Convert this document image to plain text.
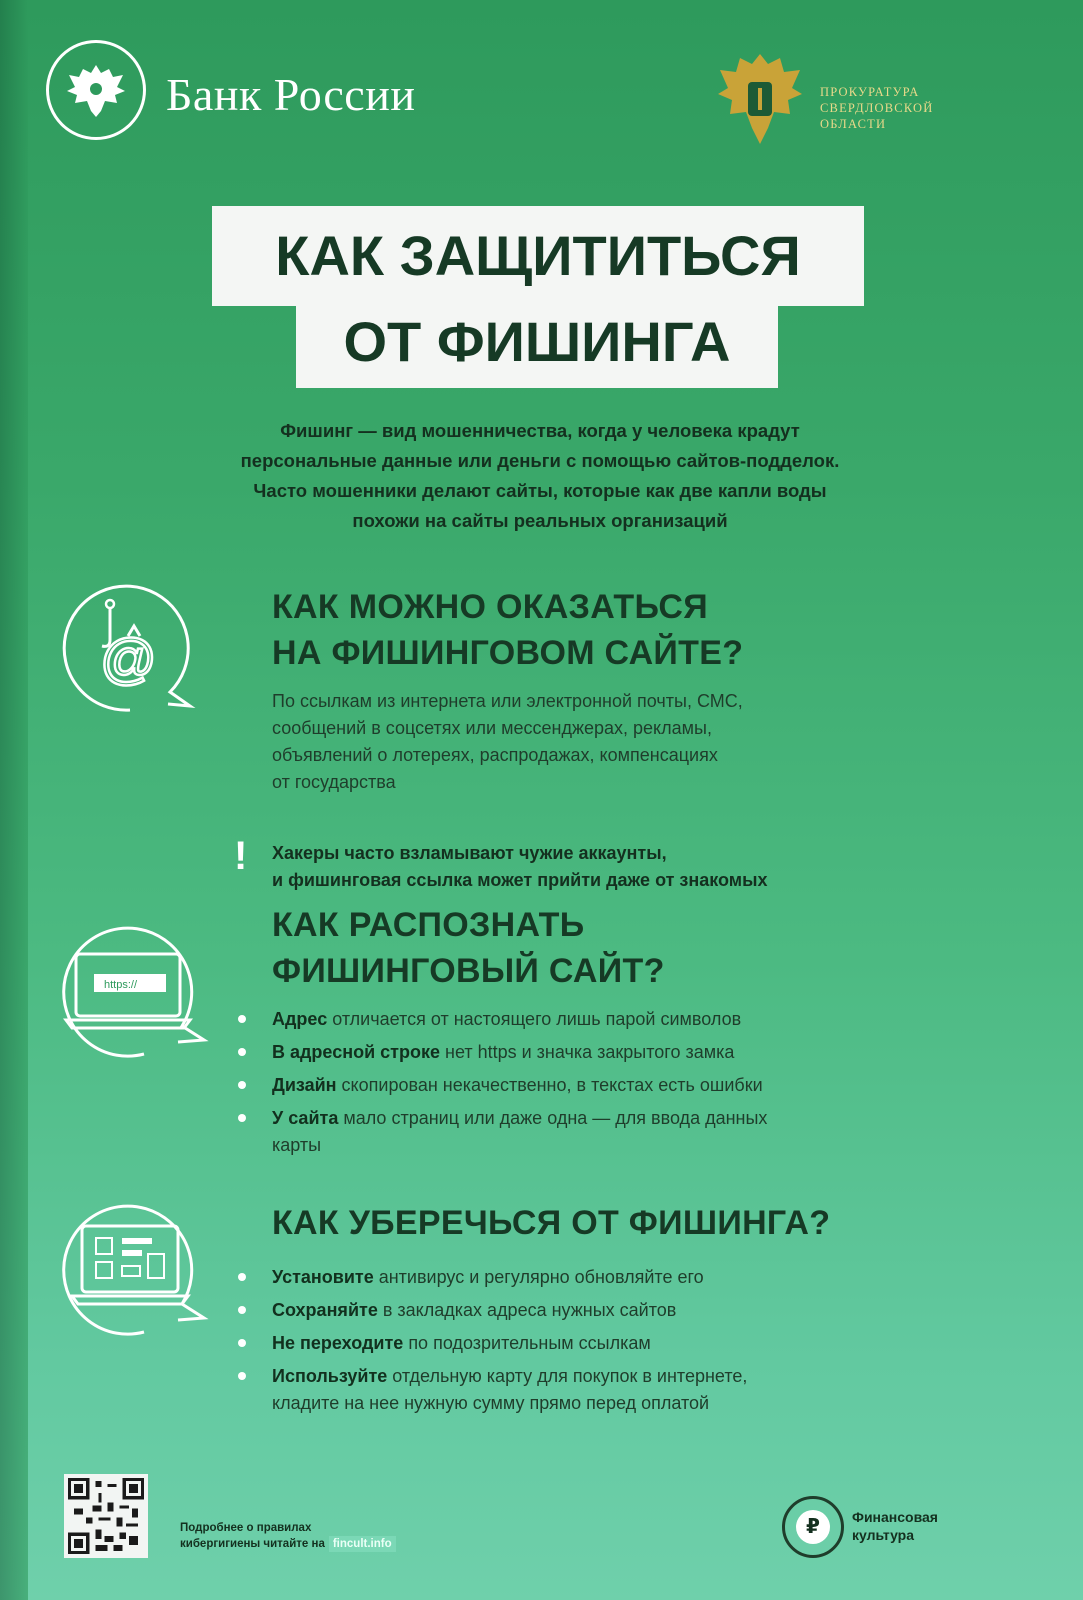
Банк России	ПРОКУРАТУРА
СВЕРДЛОВСКОЙ
ОБЛАСТИ
КАК ЗАЩИТИТЬСЯ
ОТ ФИШИНГА
Фишинг — вид мошенничества, когда у человека крадут
персональные данные или деньги с помощью сайтов-подделок.
Часто мошенники делают сайты, которые как две капли воды
похожи на сайты реальных организаций
@
КАК МОЖНО ОКАЗАТЬСЯ
НА ФИШИНГОВОМ САЙТЕ?
По ссылкам из интернета или электронной почты, СМС,
сообщений в соцсетях или мессенджерах, рекламы,
объявлений о лотереях, распродажах, компенсациях
от государства
! Хакеры часто взламывают чужие аккаунты,
и фишинговая ссылка может прийти даже от знакомых
https://
КАК РАСПОЗНАТЬ
ФИШИНГОВЫЙ САЙТ?
Адрес отличается от настоящего лишь парой символов
В адресной строке нет https и значка закрытого замка
Дизайн скопирован некачественно, в текстах есть ошибки
У сайта мало страниц или даже одна — для ввода данных
карты
КАК УБЕРЕЧЬСЯ ОТ ФИШИНГА?
Установите антивирус и регулярно обновляйте его
Сохраняйте в закладках адреса нужных сайтов
Не переходите по подозрительным ссылкам
Используйте отдельную карту для покупок в интернете,
кладите на нее нужную сумму прямо перед оплатой
Подробнее о правилах
кибергигиены читайте на fincult.info
₽	Финансовая
культура
